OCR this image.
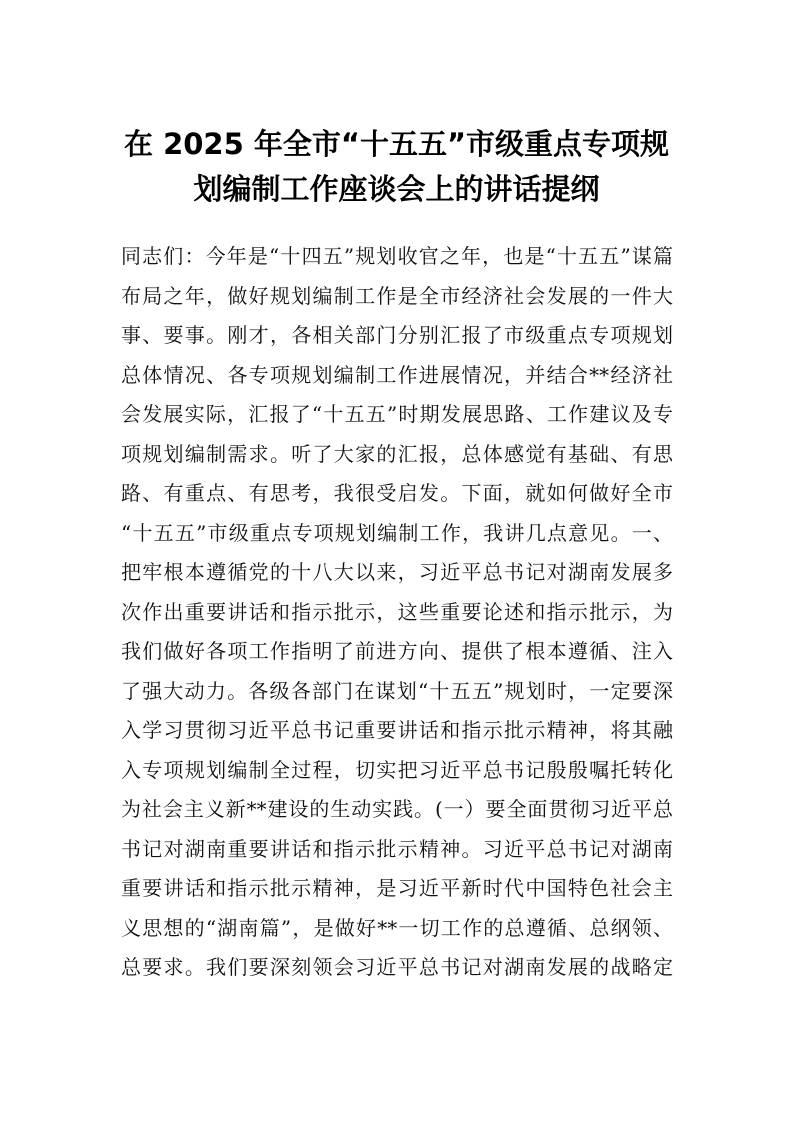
在 2025 年全市“十五五”市级重点专项规
划编制工作座谈会上的讲话提纲
同志们：今年是“十四五”规划收官之年，也是“十五五”谋篇
布局之年，做好规划编制工作是全市经济社会发展的一件大
事、要事。刚才，各相关部门分别汇报了市级重点专项规划
总体情况、各专项规划编制工作进展情况，并结合**经济社
会发展实际，汇报了“十五五”时期发展思路、工作建议及专
项规划编制需求。听了大家的汇报，总体感觉有基础、有思
路、有重点、有思考，我很受启发。下面，就如何做好全市
“十五五”市级重点专项规划编制工作，我讲几点意见。一、
把牢根本遵循党的十八大以来，习近平总书记对湖南发展多
次作出重要讲话和指示批示，这些重要论述和指示批示，为
我们做好各项工作指明了前进方向、提供了根本遵循、注入
了强大动力。各级各部门在谋划“十五五”规划时，一定要深
入学习贯彻习近平总书记重要讲话和指示批示精神，将其融
入专项规划编制全过程，切实把习近平总书记殷殷嘱托转化
为社会主义新**建设的生动实践。(一）要全面贯彻习近平总
书记对湖南重要讲话和指示批示精神。习近平总书记对湖南
重要讲话和指示批示精神，是习近平新时代中国特色社会主
义思想的“湖南篇”，是做好**一切工作的总遵循、总纲领、
总要求。我们要深刻领会习近平总书记对湖南发展的战略定
